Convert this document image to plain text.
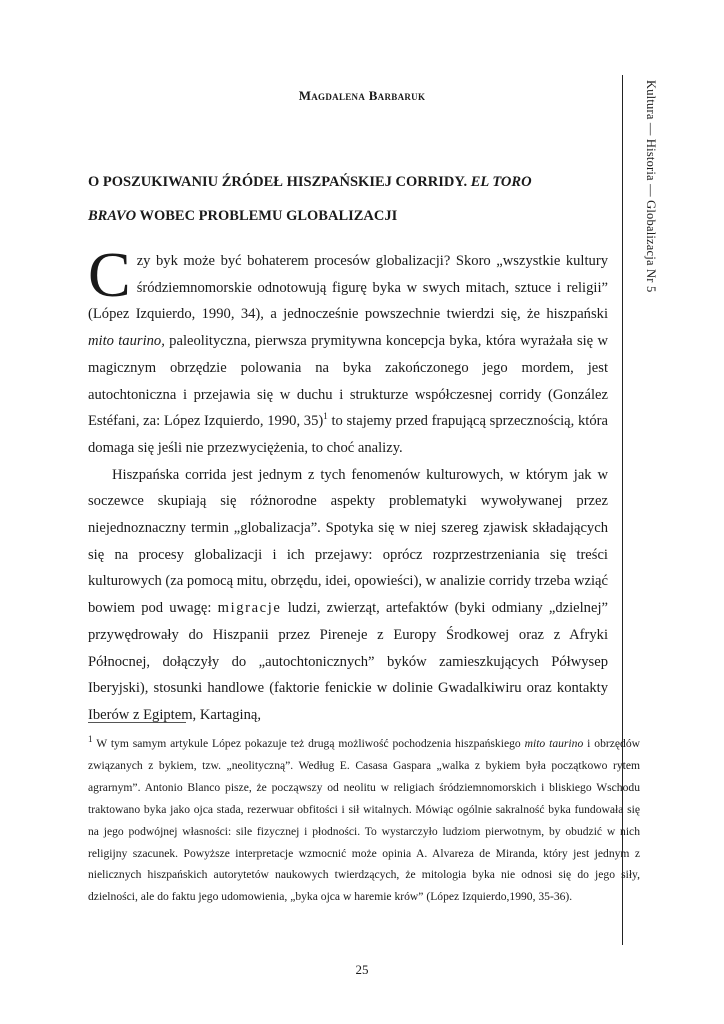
Magdalena Barbaruk
O POSZUKIWANIU ŹRÓDEŁ HISZPAŃSKIEJ CORRIDY. EL TORO
BRAVO WOBEC PROBLEMU GLOBALIZACJI	Kultura — Historia — Globalizacja Nr 5

Czy byk może być bohaterem procesów globalizacji? Skoro „wszystkie kultury śródziemnomorskie odnotowują figurę byka w swych mitach, sztuce i religii” (López Izquierdo, 1990, 34), a jednocześnie powszechnie twierdzi się, że hiszpański mito taurino, paleolityczna, pierwsza prymitywna koncepcja byka, która wyrażała się w magicznym obrzędzie polowania na byka zakończonego jego mordem, jest autochtoniczna i przejawia się w duchu i strukturze współczesnej corridy (González Estéfani, za: López Izquierdo, 1990, 35)$^1$ to stajemy przed frapującą sprzecznością, która domaga się jeśli nie przezwyciężenia, to choć analizy.

Hiszpańska corrida jest jednym z tych fenomenów kulturowych, w którym jak w soczewce skupiają się różnorodne aspekty problematyki wywoływanej przez niejednoznaczny termin „globalizacja”. Spotyka się w niej szereg zjawisk składających się na procesy globalizacji i ich przejawy: oprócz rozprzestrzeniania się treści kulturowych (za pomocą mitu, obrzędu, idei, opowieści), w analizie corridy trzeba wziąć bowiem pod uwagę: migracje ludzi, zwierząt, artefaktów (byki odmiany „dzielnej” przywędrowały do Hiszpanii przez Pireneje z Europy Środkowej oraz z Afryki Północnej, dołączyły do „autochtonicznych” byków zamieszkujących Półwysep Iberyjski), stosunki handlowe (faktorie fenickie w dolinie Gwadalkiwiru oraz kontakty Iberów z Egiptem, Kartaginą,

$^1$ W tym samym artykule López pokazuje też drugą możliwość pochodzenia hiszpańskiego mito taurino i obrzędów związanych z bykiem, tzw. „neolityczną”. Według E. Casasa Gaspara „walka z bykiem była początkowo rytem agrarnym”. Antonio Blanco pisze, że począwszy od neolitu w religiach śródziemnomorskich i bliskiego Wschodu traktowano byka jako ojca stada, rezerwuar obfitości i sił witalnych. Mówiąc ogólnie sakralność byka fundowała się na jego podwójnej własności: sile fizycznej i płodności. To wystarczyło ludziom pierwotnym, by obudzić w nich religijny szacunek. Powyższe interpretacje wzmocnić może opinia A. Alvareza de Miranda, który jest jednym z nielicznych hiszpańskich autorytetów naukowych twierdzących, że mitologia byka nie odnosi się do jego siły, dzielności, ale do faktu jego udomowienia, „byka ojca w haremie krów” (López Izquierdo,1990, 35-36).
25
